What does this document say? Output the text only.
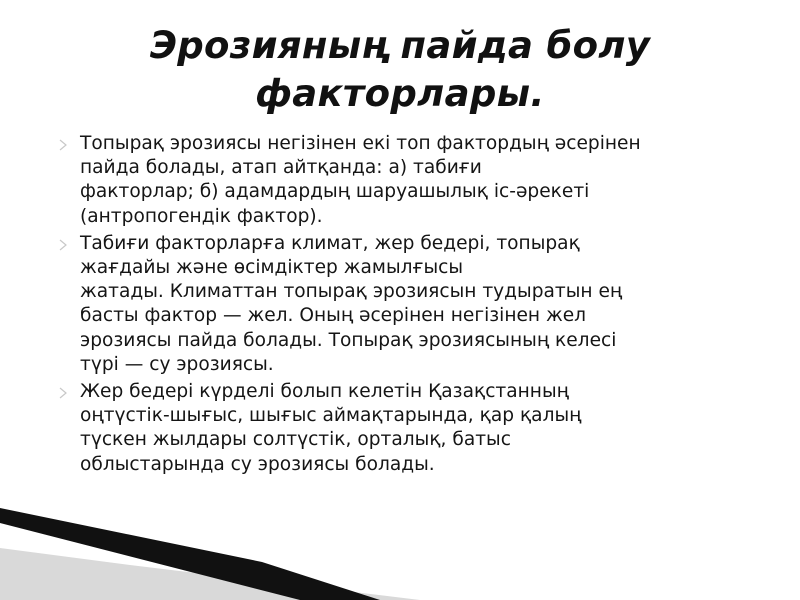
Эрозияның пайда болу
факторлары.
Топырақ эрозиясы негізінен екі топ фактордың әсерінен
пайда болады, атап айтқанда: а) табиғи
факторлар; б) адамдардың шаруашылық іс-әрекеті
(антропогендік фактор).
Табиғи факторларға климат, жер бедері, топырақ
жағдайы және өсімдіктер жамылғысы
жатады. Климаттан топырақ эрозиясын тудыратын ең
басты фактор — жел. Оның әсерінен негізінен жел
эрозиясы пайда болады. Топырақ эрозиясының келесі
түрі — су эрозиясы.
Жер бедері күрделі болып келетін Қазақстанның
оңтүстік-шығыс, шығыс аймақтарында, қар қалың
түскен жылдары солтүстік, орталық, батыс
облыстарында су эрозиясы болады.
